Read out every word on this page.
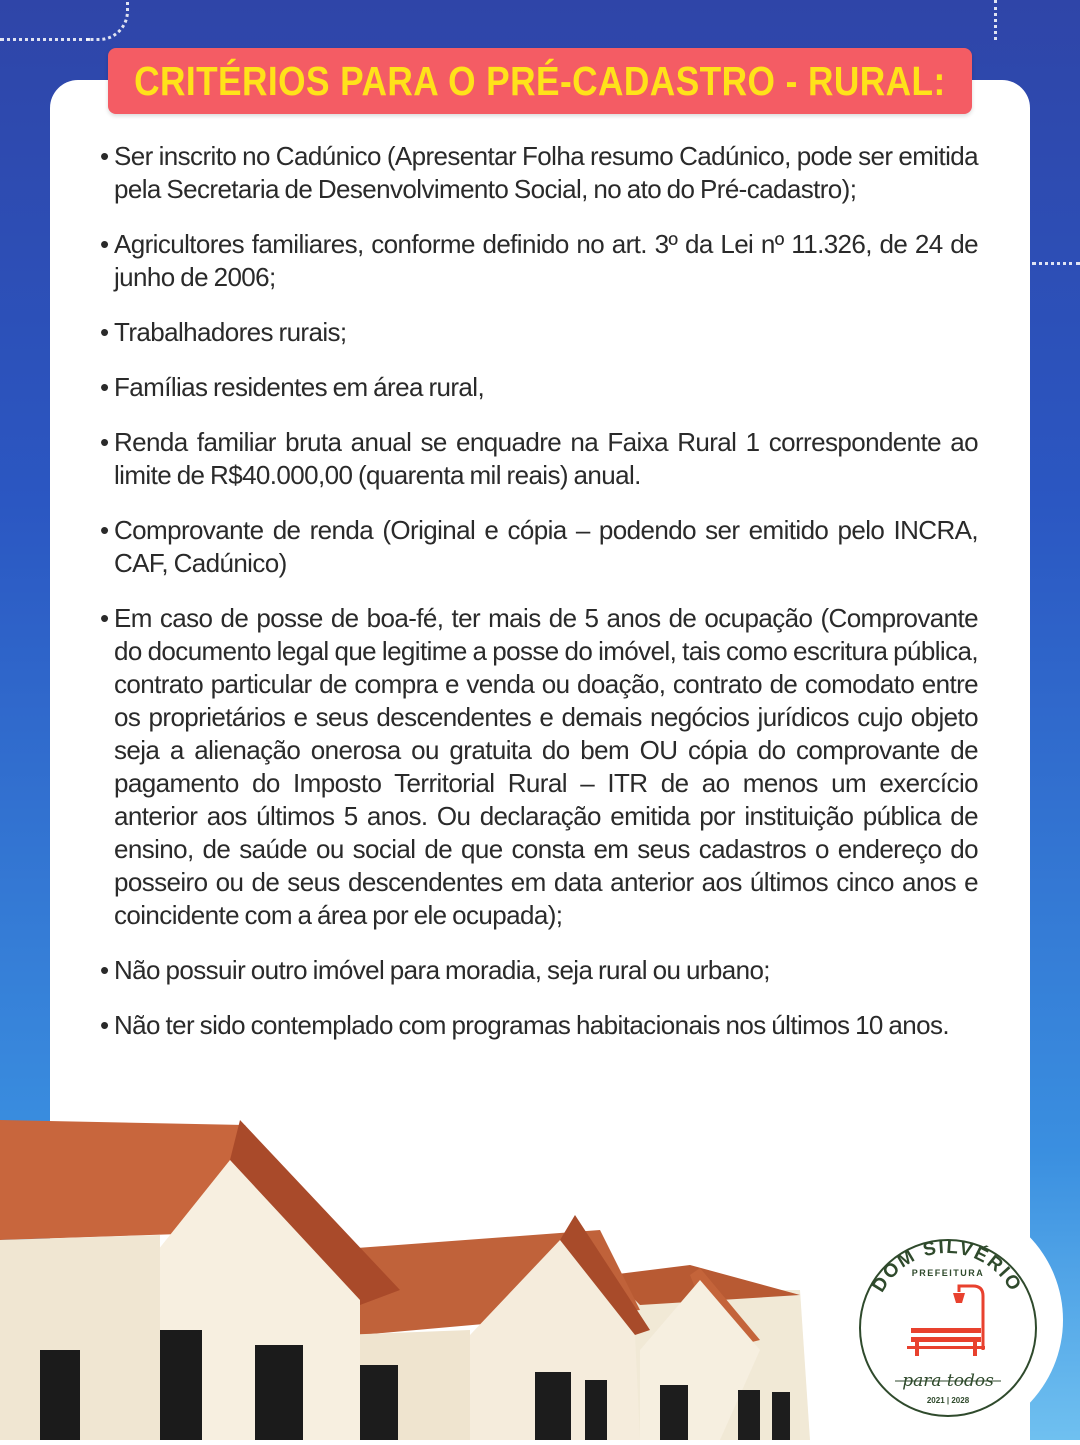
CRITÉRIOS PARA O PRÉ-CADASTRO - RURAL:
• Ser inscrito no Cadúnico (Apresentar Folha resumo Cadúnico, pode ser emitida pela Secretaria de Desenvolvimento Social, no ato do Pré-cadastro);
• Agricultores familiares, conforme definido no art. 3º da Lei nº 11.326, de 24 de junho de 2006;
• Trabalhadores rurais;
• Famílias residentes em área rural,
• Renda familiar bruta anual se enquadre na Faixa Rural 1 correspondente ao limite de R$40.000,00 (quarenta mil reais) anual.
• Comprovante de renda (Original e cópia – podendo ser emitido pelo INCRA, CAF, Cadúnico)
• Em caso de posse de boa-fé, ter mais de 5 anos de ocupação (Comprovante do documento legal que legitime a posse do imóvel, tais como escritura pública, contrato particular de compra e venda ou doação, contrato de comodato entre os proprietários e seus descendentes e demais negócios jurídicos cujo objeto seja a alienação onerosa ou gratuita do bem OU cópia do comprovante de pagamento do Imposto Territorial Rural – ITR de ao menos um exercício anterior aos últimos 5 anos. Ou declaração emitida por instituição pública de ensino, de saúde ou social de que consta em seus cadastros o endereço do posseiro ou de seus descendentes em data anterior aos últimos cinco anos e coincidente com a área por ele ocupada);
• Não possuir outro imóvel para moradia, seja rural ou urbano;
• Não ter sido contemplado com programas habitacionais nos últimos 10 anos.
DOM SILVÉRIO
PREFEITURA
para todos
2021 | 2028
